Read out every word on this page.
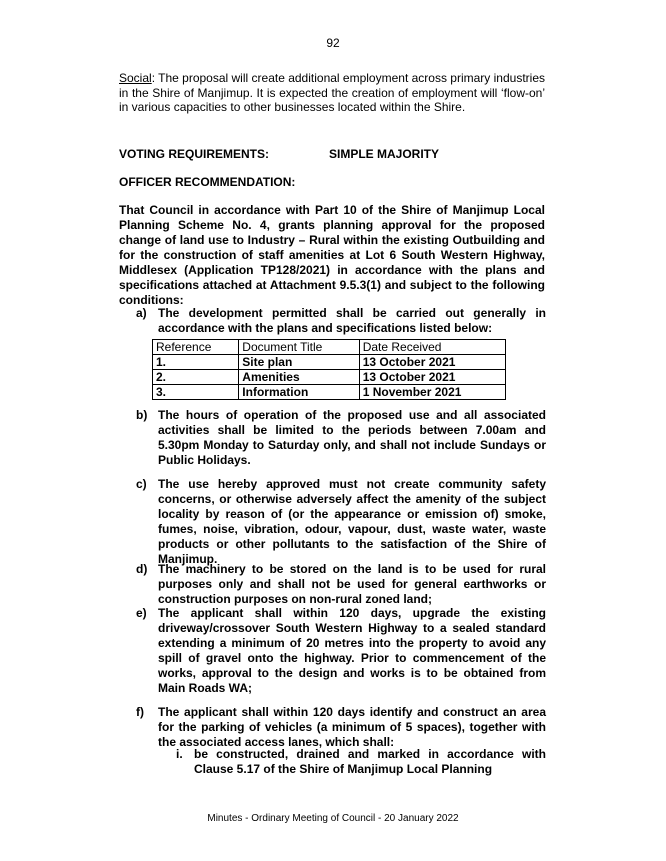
92
Social: The proposal will create additional employment across primary industries in the Shire of Manjimup. It is expected the creation of employment will ‘flow-on’ in various capacities to other businesses located within the Shire.
VOTING REQUIREMENTS:	SIMPLE MAJORITY
OFFICER RECOMMENDATION:
That Council in accordance with Part 10 of the Shire of Manjimup Local Planning Scheme No. 4, grants planning approval for the proposed change of land use to Industry – Rural within the existing Outbuilding and for the construction of staff amenities at Lot 6 South Western Highway, Middlesex (Application TP128/2021) in accordance with the plans and specifications attached at Attachment 9.5.3(1) and subject to the following conditions:
a) The development permitted shall be carried out generally in accordance with the plans and specifications listed below:
Reference	Document Title	Date Received
1.	Site plan	13 October 2021
2.	Amenities	13 October 2021
3.	Information	1 November 2021
b) The hours of operation of the proposed use and all associated activities shall be limited to the periods between 7.00am and 5.30pm Monday to Saturday only, and shall not include Sundays or Public Holidays.
c) The use hereby approved must not create community safety concerns, or otherwise adversely affect the amenity of the subject locality by reason of (or the appearance or emission of) smoke, fumes, noise, vibration, odour, vapour, dust, waste water, waste products or other pollutants to the satisfaction of the Shire of Manjimup.
d) The machinery to be stored on the land is to be used for rural purposes only and shall not be used for general earthworks or construction purposes on non-rural zoned land;
e) The applicant shall within 120 days, upgrade the existing driveway/crossover South Western Highway to a sealed standard extending a minimum of 20 metres into the property to avoid any spill of gravel onto the highway. Prior to commencement of the works, approval to the design and works is to be obtained from Main Roads WA;
f) The applicant shall within 120 days identify and construct an area for the parking of vehicles (a minimum of 5 spaces), together with the associated access lanes, which shall:
i. be constructed, drained and marked in accordance with Clause 5.17 of the Shire of Manjimup Local Planning
Minutes - Ordinary Meeting of Council - 20 January 2022
